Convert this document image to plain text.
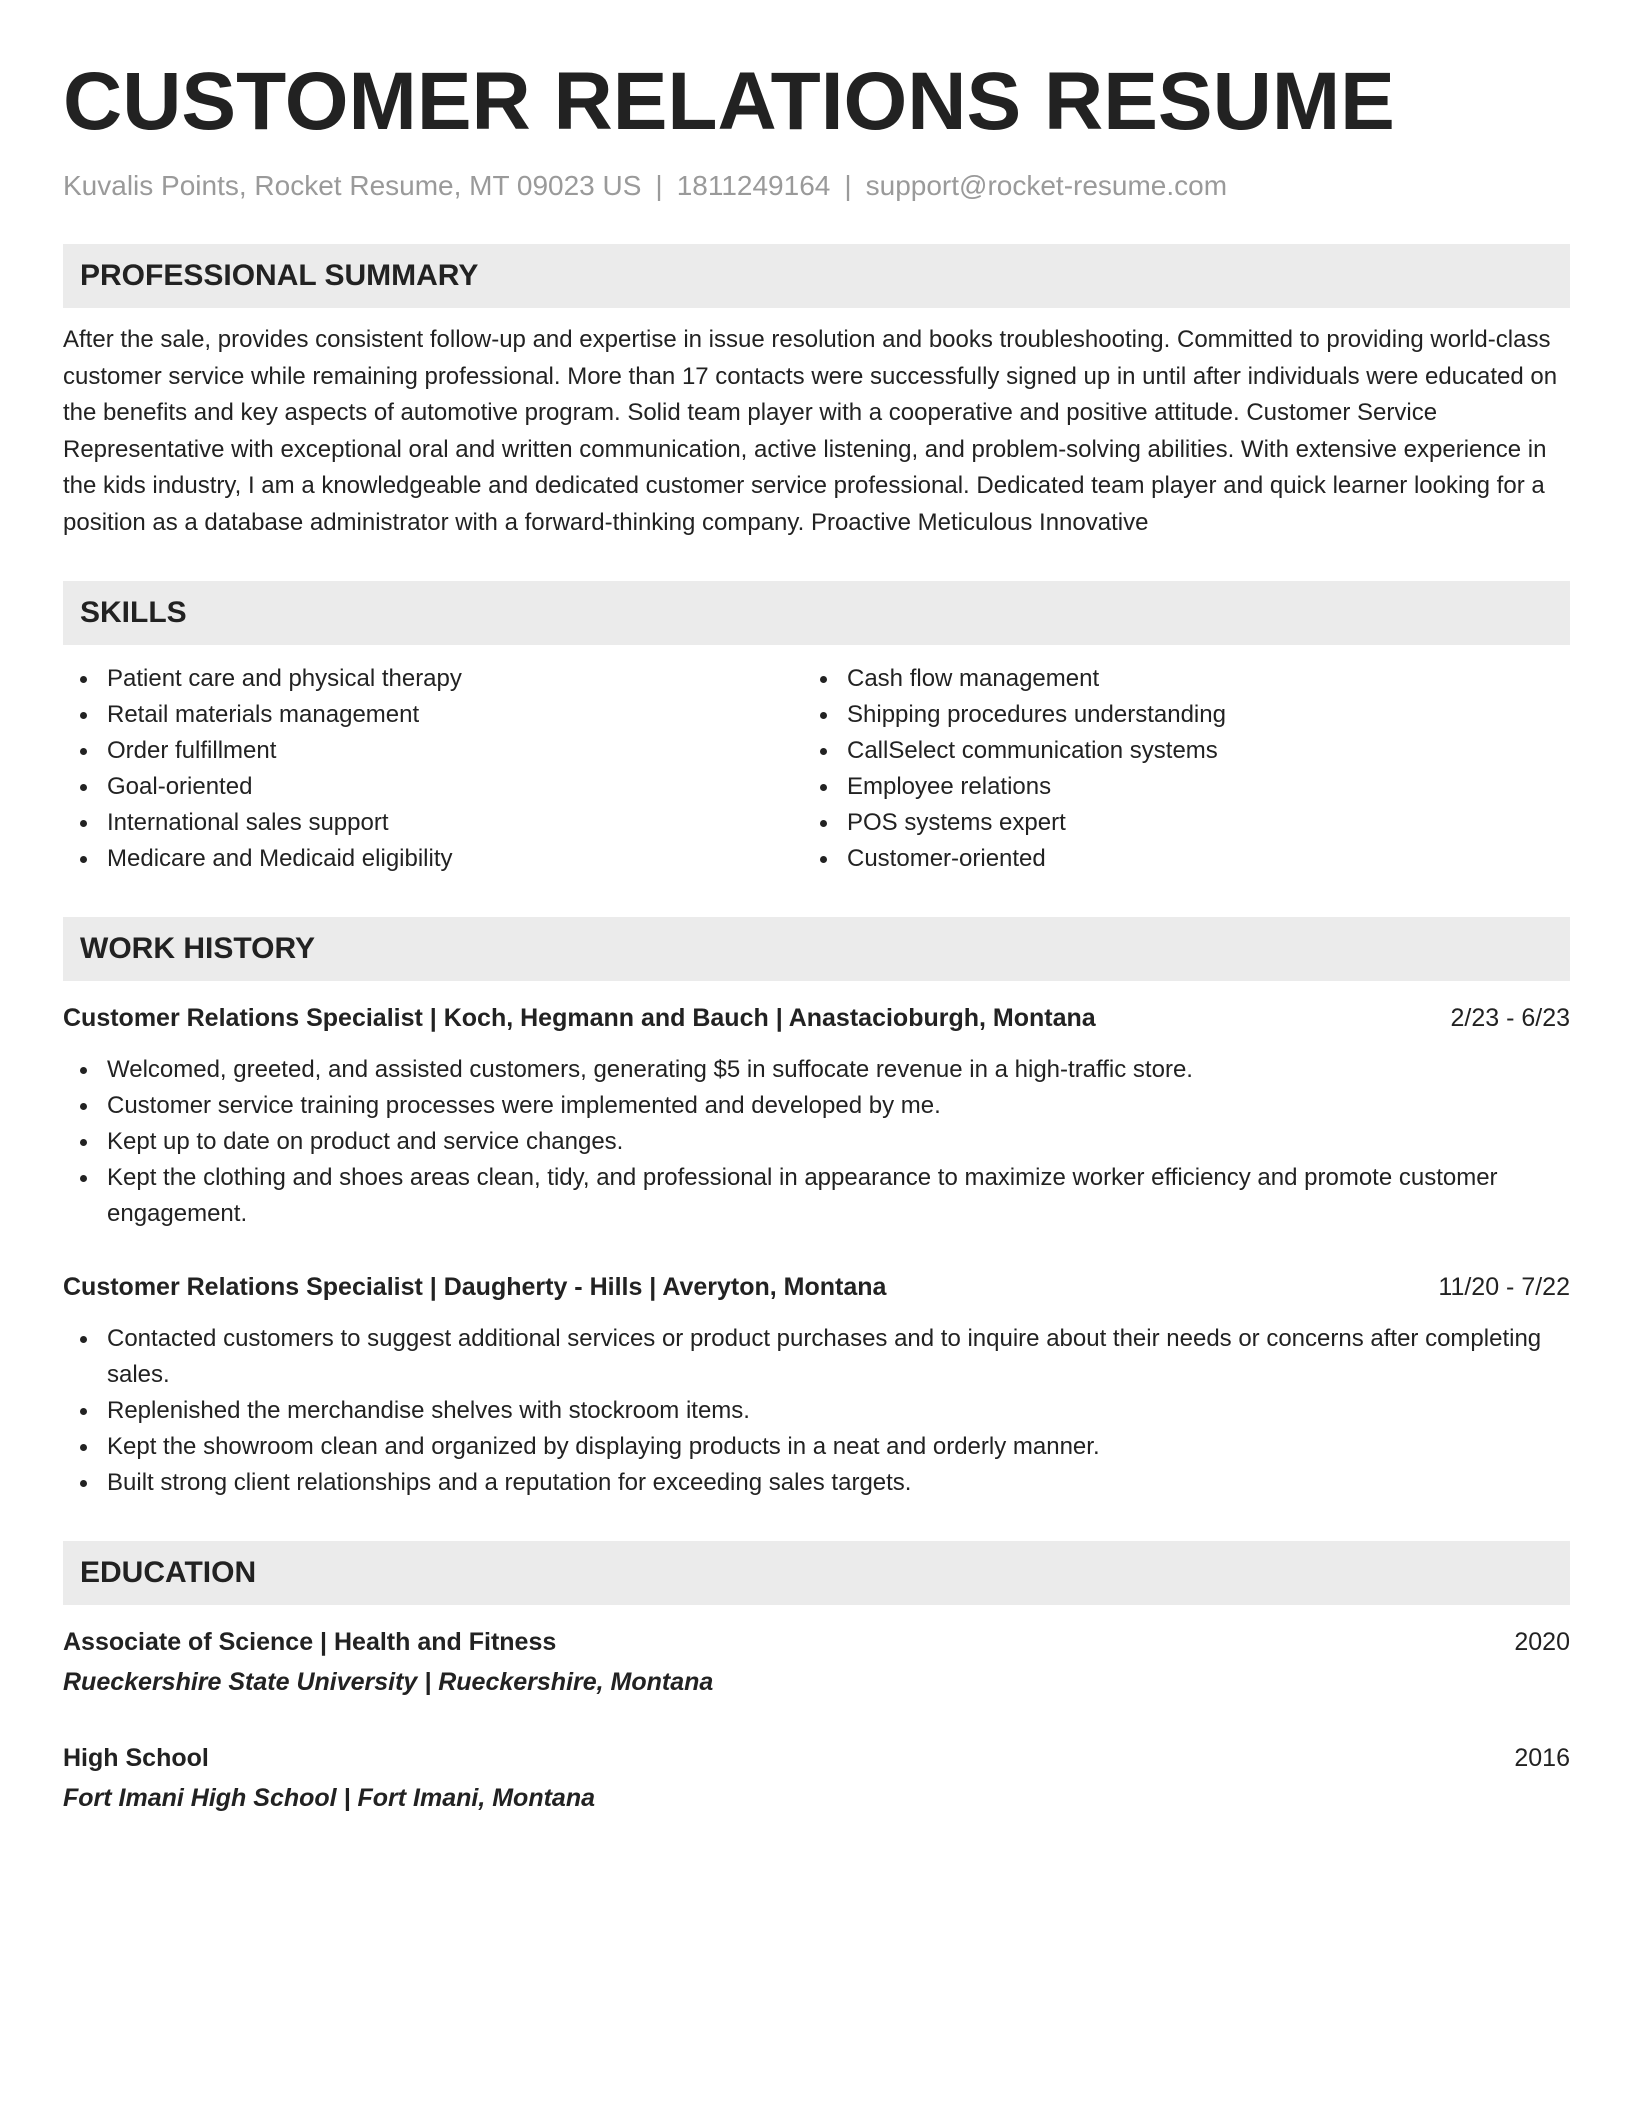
CUSTOMER RELATIONS RESUME
Kuvalis Points, Rocket Resume, MT 09023 US | 1811249164 | support@rocket-resume.com
PROFESSIONAL SUMMARY
After the sale, provides consistent follow-up and expertise in issue resolution and books troubleshooting. Committed to providing world-class customer service while remaining professional. More than 17 contacts were successfully signed up in until after individuals were educated on the benefits and key aspects of automotive program. Solid team player with a cooperative and positive attitude. Customer Service Representative with exceptional oral and written communication, active listening, and problem-solving abilities. With extensive experience in the kids industry, I am a knowledgeable and dedicated customer service professional. Dedicated team player and quick learner looking for a position as a database administrator with a forward-thinking company. Proactive Meticulous Innovative
SKILLS
Patient care and physical therapy
Retail materials management
Order fulfillment
Goal-oriented
International sales support
Medicare and Medicaid eligibility
Cash flow management
Shipping procedures understanding
CallSelect communication systems
Employee relations
POS systems expert
Customer-oriented
WORK HISTORY
Customer Relations Specialist | Koch, Hegmann and Bauch | Anastacioburgh, Montana	2/23 - 6/23
Welcomed, greeted, and assisted customers, generating $5 in suffocate revenue in a high-traffic store.
Customer service training processes were implemented and developed by me.
Kept up to date on product and service changes.
Kept the clothing and shoes areas clean, tidy, and professional in appearance to maximize worker efficiency and promote customer engagement.
Customer Relations Specialist | Daugherty - Hills | Averyton, Montana	11/20 - 7/22
Contacted customers to suggest additional services or product purchases and to inquire about their needs or concerns after completing sales.
Replenished the merchandise shelves with stockroom items.
Kept the showroom clean and organized by displaying products in a neat and orderly manner.
Built strong client relationships and a reputation for exceeding sales targets.
EDUCATION
Associate of Science | Health and Fitness	2020
Rueckershire State University | Rueckershire, Montana
High School	2016
Fort Imani High School | Fort Imani, Montana
